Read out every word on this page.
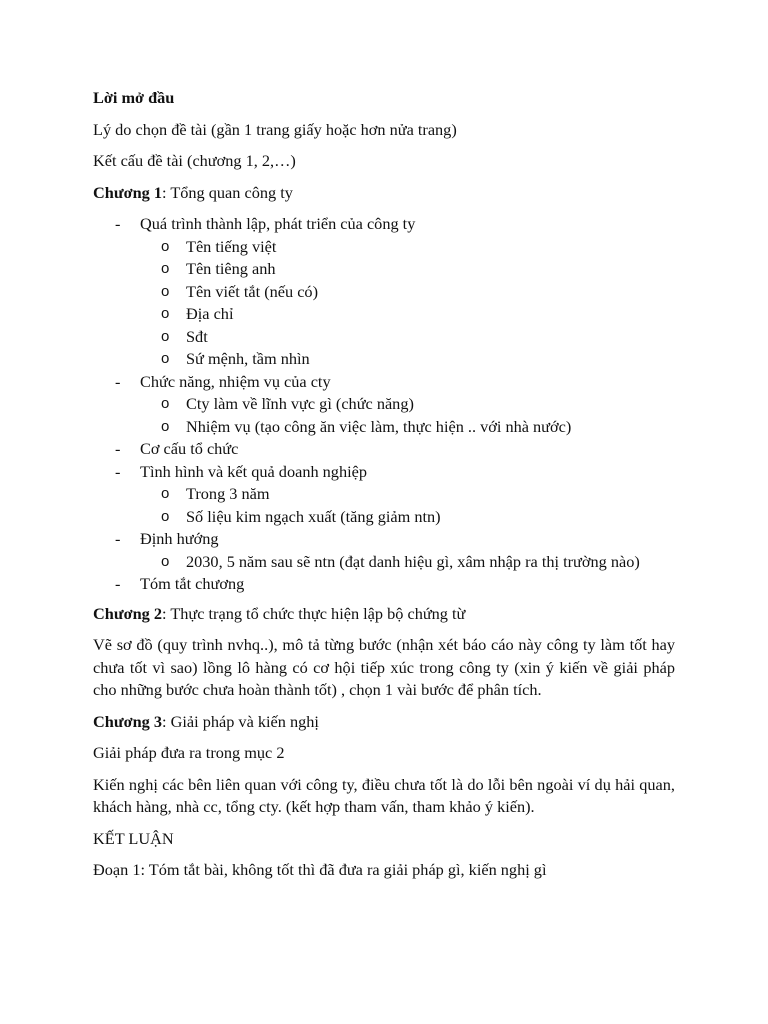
Lời mở đầu

Lý do chọn đề tài (gần 1 trang giấy hoặc hơn nửa trang)

Kết cấu đề tài (chương 1, 2,…)

Chương 1: Tổng quan công ty

- Quá trình thành lập, phát triển của công ty
o Tên tiếng việt
o Tên tiêng anh
o Tên viết tắt (nếu có)
o Địa chỉ
o Sđt
o Sứ mệnh, tầm nhìn
- Chức năng, nhiệm vụ của cty
o Cty làm về lĩnh vực gì (chức năng)
o Nhiệm vụ (tạo công ăn việc làm, thực hiện .. với nhà nước)
- Cơ cấu tổ chức
- Tình hình và kết quả doanh nghiệp
o Trong 3 năm
o Số liệu kim ngạch xuất (tăng giảm ntn)
- Định hướng
o 2030, 5 năm sau sẽ ntn (đạt danh hiệu gì, xâm nhập ra thị trường nào)
- Tóm tắt chương

Chương 2: Thực trạng tổ chức thực hiện lập bộ chứng từ

Vẽ sơ đồ (quy trình nvhq..), mô tả từng bước (nhận xét báo cáo này công ty làm tốt hay chưa tốt vì sao) lồng lô hàng có cơ hội tiếp xúc trong công ty (xin ý kiến về giải pháp cho những bước chưa hoàn thành tốt) , chọn 1 vài bước để phân tích.

Chương 3: Giải pháp và kiến nghị

Giải pháp đưa ra trong mục 2

Kiến nghị các bên liên quan với công ty, điều chưa tốt là do lỗi bên ngoài ví dụ hải quan, khách hàng, nhà cc, tổng cty. (kết hợp tham vấn, tham khảo ý kiến).

KẾT LUẬN

Đoạn 1: Tóm tắt bài, không tốt thì đã đưa ra giải pháp gì, kiến nghị gì
